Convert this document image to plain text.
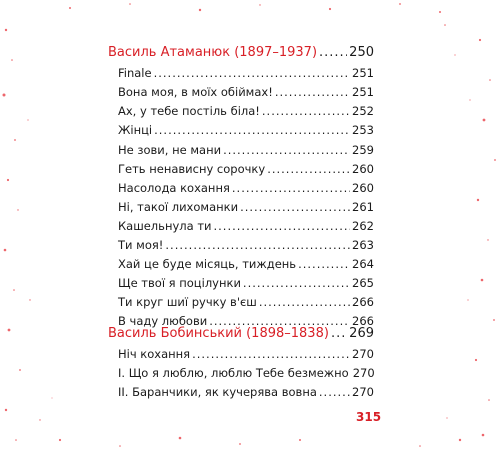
Василь Атаманюк (1897–1937) ..... 250
Finale .....	251
Вона моя, в моїх обіймах! .....	251
Ах, у тебе постіль біла! .....	252
Жінці .....	253
Не зови, не мани .....	259
Геть ненависну сорочку .....	260
Насолода кохання .....	260
Ні, такої лихоманки .....	261
Кашельнула ти .....	262
Ти моя! .....	263
Хай це буде місяць, тиждень .....	264
Ще твої я поцілунки .....	265
Ти круг шиї ручку в'єш .....	266
В чаду любови .....	266
Василь Бобинський (1898–1838) ..... 269
Ніч кохання .....	270
І. Що я люблю, люблю Тебе безмежно 270
ІІ. Баранчики, як кучерява вовна .....	270
315
